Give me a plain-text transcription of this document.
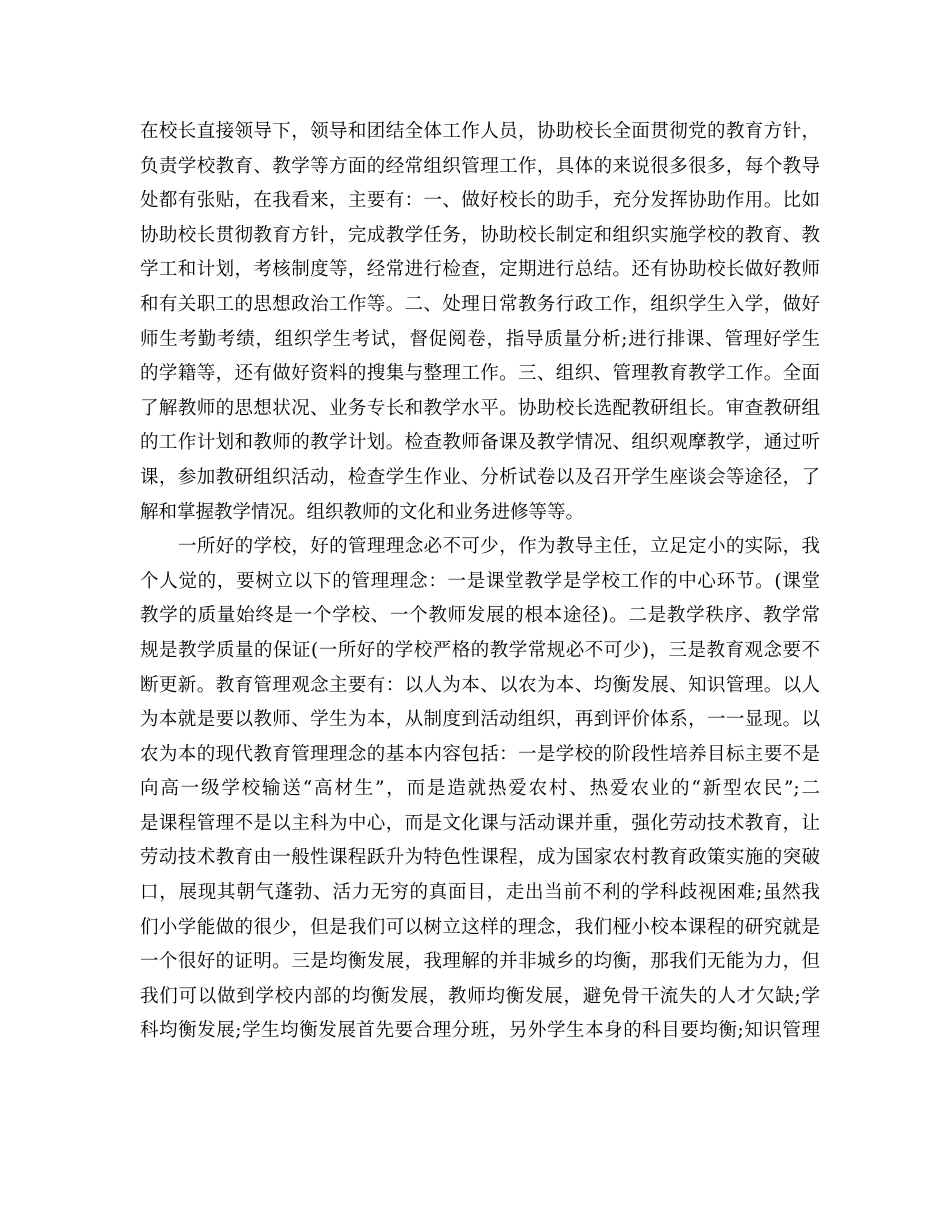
在校长直接领导下，领导和团结全体工作人员，协助校长全面贯彻党的教育方针，
负责学校教育、教学等方面的经常组织管理工作，具体的来说很多很多，每个教导
处都有张贴，在我看来，主要有：一、做好校长的助手，充分发挥协助作用。比如
协助校长贯彻教育方针，完成教学任务，协助校长制定和组织实施学校的教育、教
学工和计划，考核制度等，经常进行检查，定期进行总结。还有协助校长做好教师
和有关职工的思想政治工作等。二、处理日常教务行政工作，组织学生入学，做好
师生考勤考绩，组织学生考试，督促阅卷，指导质量分析;进行排课、管理好学生
的学籍等，还有做好资料的搜集与整理工作。三、组织、管理教育教学工作。全面
了解教师的思想状况、业务专长和教学水平。协助校长选配教研组长。审查教研组
的工作计划和教师的教学计划。检查教师备课及教学情况、组织观摩教学，通过听
课，参加教研组织活动，检查学生作业、分析试卷以及召开学生座谈会等途径，了
解和掌握教学情况。组织教师的文化和业务进修等等。
一所好的学校，好的管理理念必不可少，作为教导主任，立足定小的实际，我
个人觉的，要树立以下的管理理念：一是课堂教学是学校工作的中心环节。(课堂
教学的质量始终是一个学校、一个教师发展的根本途径)。二是教学秩序、教学常
规是教学质量的保证(一所好的学校严格的教学常规必不可少)，三是教育观念要不
断更新。教育管理观念主要有：以人为本、以农为本、均衡发展、知识管理。以人
为本就是要以教师、学生为本，从制度到活动组织，再到评价体系，一一显现。以
农为本的现代教育管理理念的基本内容包括：一是学校的阶段性培养目标主要不是
向高一级学校输送“高材生”，而是造就热爱农村、热爱农业的“新型农民”;二
是课程管理不是以主科为中心，而是文化课与活动课并重，强化劳动技术教育，让
劳动技术教育由一般性课程跃升为特色性课程，成为国家农村教育政策实施的突破
口，展现其朝气蓬勃、活力无穷的真面目，走出当前不利的学科歧视困难;虽然我
们小学能做的很少，但是我们可以树立这样的理念，我们桠小校本课程的研究就是
一个很好的证明。三是均衡发展，我理解的并非城乡的均衡，那我们无能为力，但
我们可以做到学校内部的均衡发展，教师均衡发展，避免骨干流失的人才欠缺;学
科均衡发展;学生均衡发展首先要合理分班，另外学生本身的科目要均衡;知识管理
